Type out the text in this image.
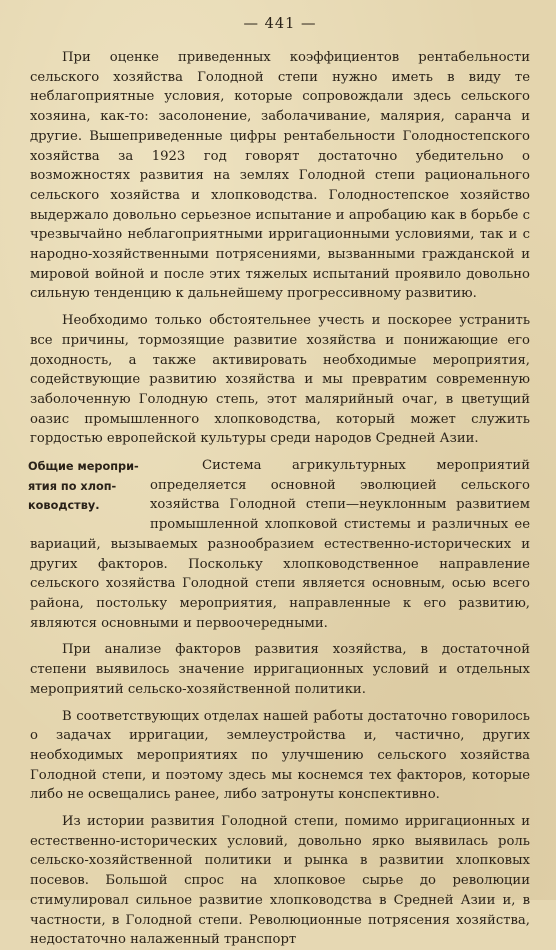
— 441 —

При оценке приведенных коэффициентов рентабельности сельского хозяйства Голодной степи нужно иметь в виду те неблагоприятные условия, которые сопровождали здесь сельского хозяина, как-то: засолонение, заболачивание, малярия, саранча и другие. Вышеприведенные цифры рентабельности Голодностепского хозяйства за 1923 год говорят достаточно убедительно о возможностях развития на землях Голодной степи рационального сельского хозяйства и хлопководства. Голодностепское хозяйство выдержало довольно серьезное испытание и апробацию как в борьбе с чрезвычайно неблагоприятными ирригационными условиями, так и с народно-хозяйственными потрясениями, вызванными гражданской и мировой войной и после этих тяжелых испытаний проявило довольно сильную тенденцию к дальнейшему прогрессивному развитию.

Необходимо только обстоятельнее учесть и поскорее устранить все причины, тормозящие развитие хозяйства и понижающие его доходность, а также активировать необходимые мероприятия, содействующие развитию хозяйства и мы превратим современную заболоченную Голодную степь, этот малярийный очаг, в цветущий оазис промышленного хлопководства, который может служить гордостью европейской культуры среди народов Средней Азии.

Общие меропри-
ятия по хлоп-
ководству.

Система агрикультурных мероприятий определяется основной эволюцией сельского хозяйства Голодной степи—неуклонным развитием промышленной хлопковой стистемы и различных ее вариаций, вызываемых разнообразием естественно-исторических и других факторов. Поскольку хлопководственное направление сельского хозяйства Голодной степи является основным, осью всего района, постольку мероприятия, направленные к его развитию, являются основными и первоочередными.

При анализе факторов развития хозяйства, в достаточной степени выявилось значение ирригационных условий и отдельных мероприятий сельско-хозяйственной политики.

В соответствующих отделах нашей работы достаточно говорилось о задачах ирригации, землеустройства и, частично, других необходимых мероприятиях по улучшению сельского хозяйства Голодной степи, и поэтому здесь мы коснемся тех факторов, которые либо не освещались ранее, либо затронуты конспективно.

Из истории развития Голодной степи, помимо ирригационных и естественно-исторических условий, довольно ярко выявилась роль сельско-хозяйственной политики и рынка в развитии хлопковых посевов. Большой спрос на хлопковое сырье до революции стимулировал сильное развитие хлопководства в Средней Азии и, в частности, в Голодной степи. Революционные потрясения хозяйства, недостаточно налаженный транспорт
